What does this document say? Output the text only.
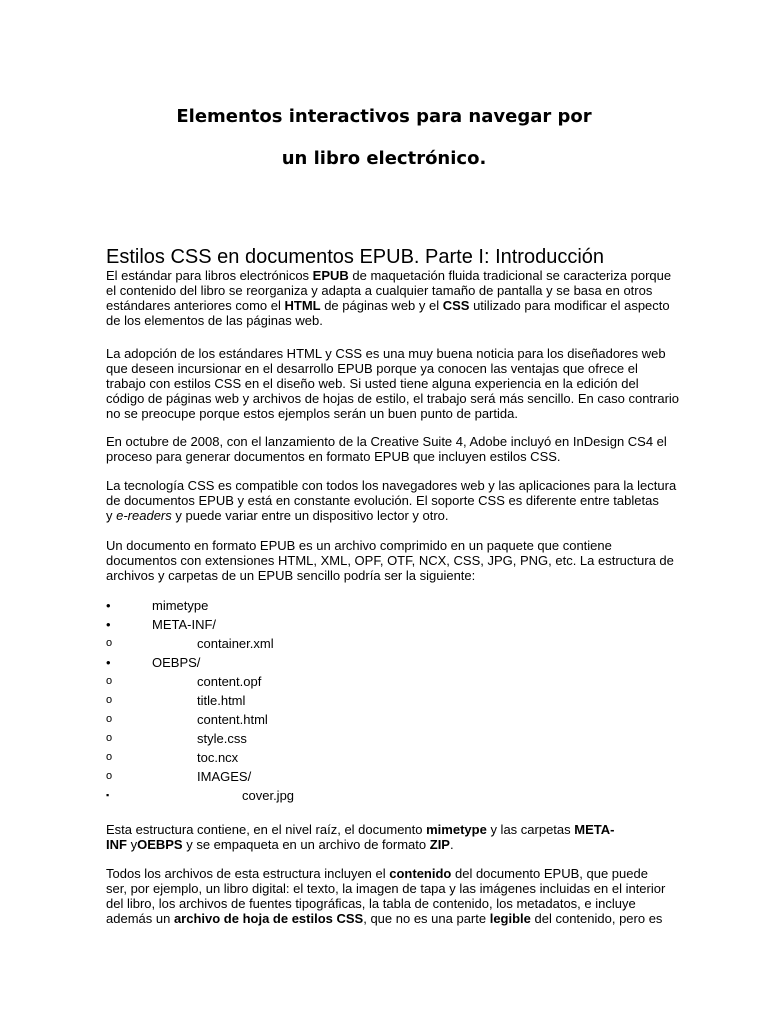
Elementos interactivos para navegar por
un libro electrónico.
Estilos CSS en documentos EPUB. Parte I: Introducción
El estándar para libros electrónicos EPUB de maquetación fluida tradicional se caracteriza porque
el contenido del libro se reorganiza y adapta a cualquier tamaño de pantalla y se basa en otros
estándares anteriores como el HTML de páginas web y el CSS utilizado para modificar el aspecto
de los elementos de las páginas web.
La adopción de los estándares HTML y CSS es una muy buena noticia para los diseñadores web
que deseen incursionar en el desarrollo EPUB porque ya conocen las ventajas que ofrece el
trabajo con estilos CSS en el diseño web. Si usted tiene alguna experiencia en la edición del
código de páginas web y archivos de hojas de estilo, el trabajo será más sencillo. En caso contrario
no se preocupe porque estos ejemplos serán un buen punto de partida.
En octubre de 2008, con el lanzamiento de la Creative Suite 4, Adobe incluyó en InDesign CS4 el
proceso para generar documentos en formato EPUB que incluyen estilos CSS.
La tecnología CSS es compatible con todos los navegadores web y las aplicaciones para la lectura
de documentos EPUB y está en constante evolución. El soporte CSS es diferente entre tabletas
y e-readers y puede variar entre un dispositivo lector y otro.
Un documento en formato EPUB es un archivo comprimido en un paquete que contiene
documentos con extensiones HTML, XML, OPF, OTF, NCX, CSS, JPG, PNG, etc. La estructura de
archivos y carpetas de un EPUB sencillo podría ser la siguiente:
•	mimetype
•	META-INF/
o	container.xml
•	OEBPS/
o	content.opf
o	title.html
o	content.html
o	style.css
o	toc.ncx
o	IMAGES/
▪	cover.jpg
Esta estructura contiene, en el nivel raíz, el documento mimetype y las carpetas META-
INF yOEBPS y se empaqueta en un archivo de formato ZIP.
Todos los archivos de esta estructura incluyen el contenido del documento EPUB, que puede
ser, por ejemplo, un libro digital: el texto, la imagen de tapa y las imágenes incluidas en el interior
del libro, los archivos de fuentes tipográficas, la tabla de contenido, los metadatos, e incluye
además un archivo de hoja de estilos CSS, que no es una parte legible del contenido, pero es
